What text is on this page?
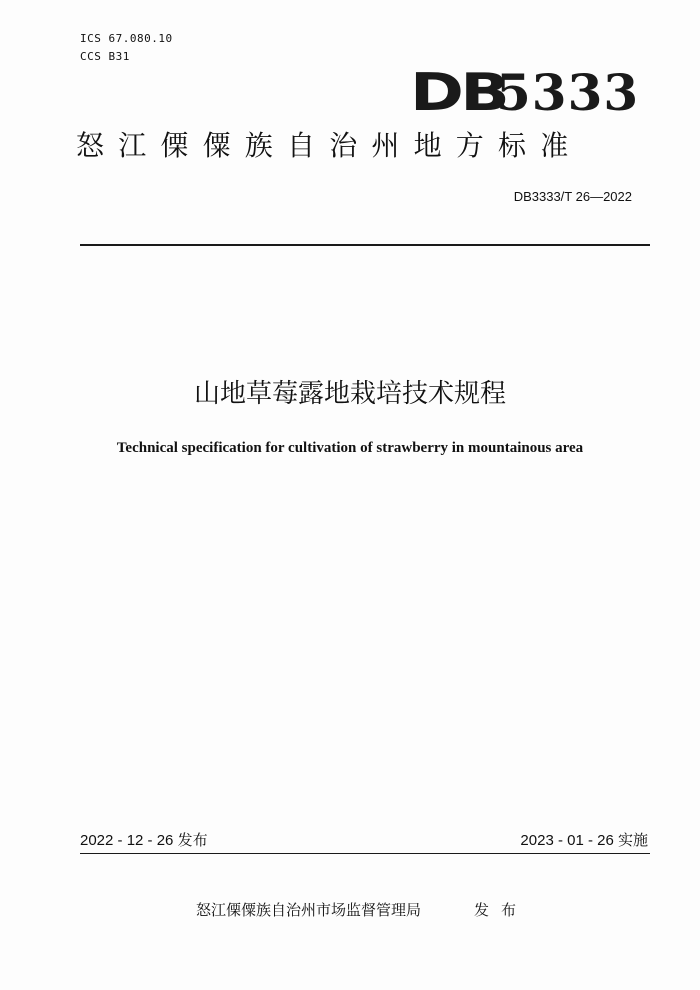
ICS 67.080.10
CCS B31
DB
5333
怒江傈僳族自治州地方标准
DB3333/T 26—2022
山地草莓露地栽培技术规程
Technical specification for cultivation of strawberry in mountainous area
2022 - 12 - 26 发布	2023 - 01 - 26 实施
怒江傈僳族自治州市场监督管理局	发布
